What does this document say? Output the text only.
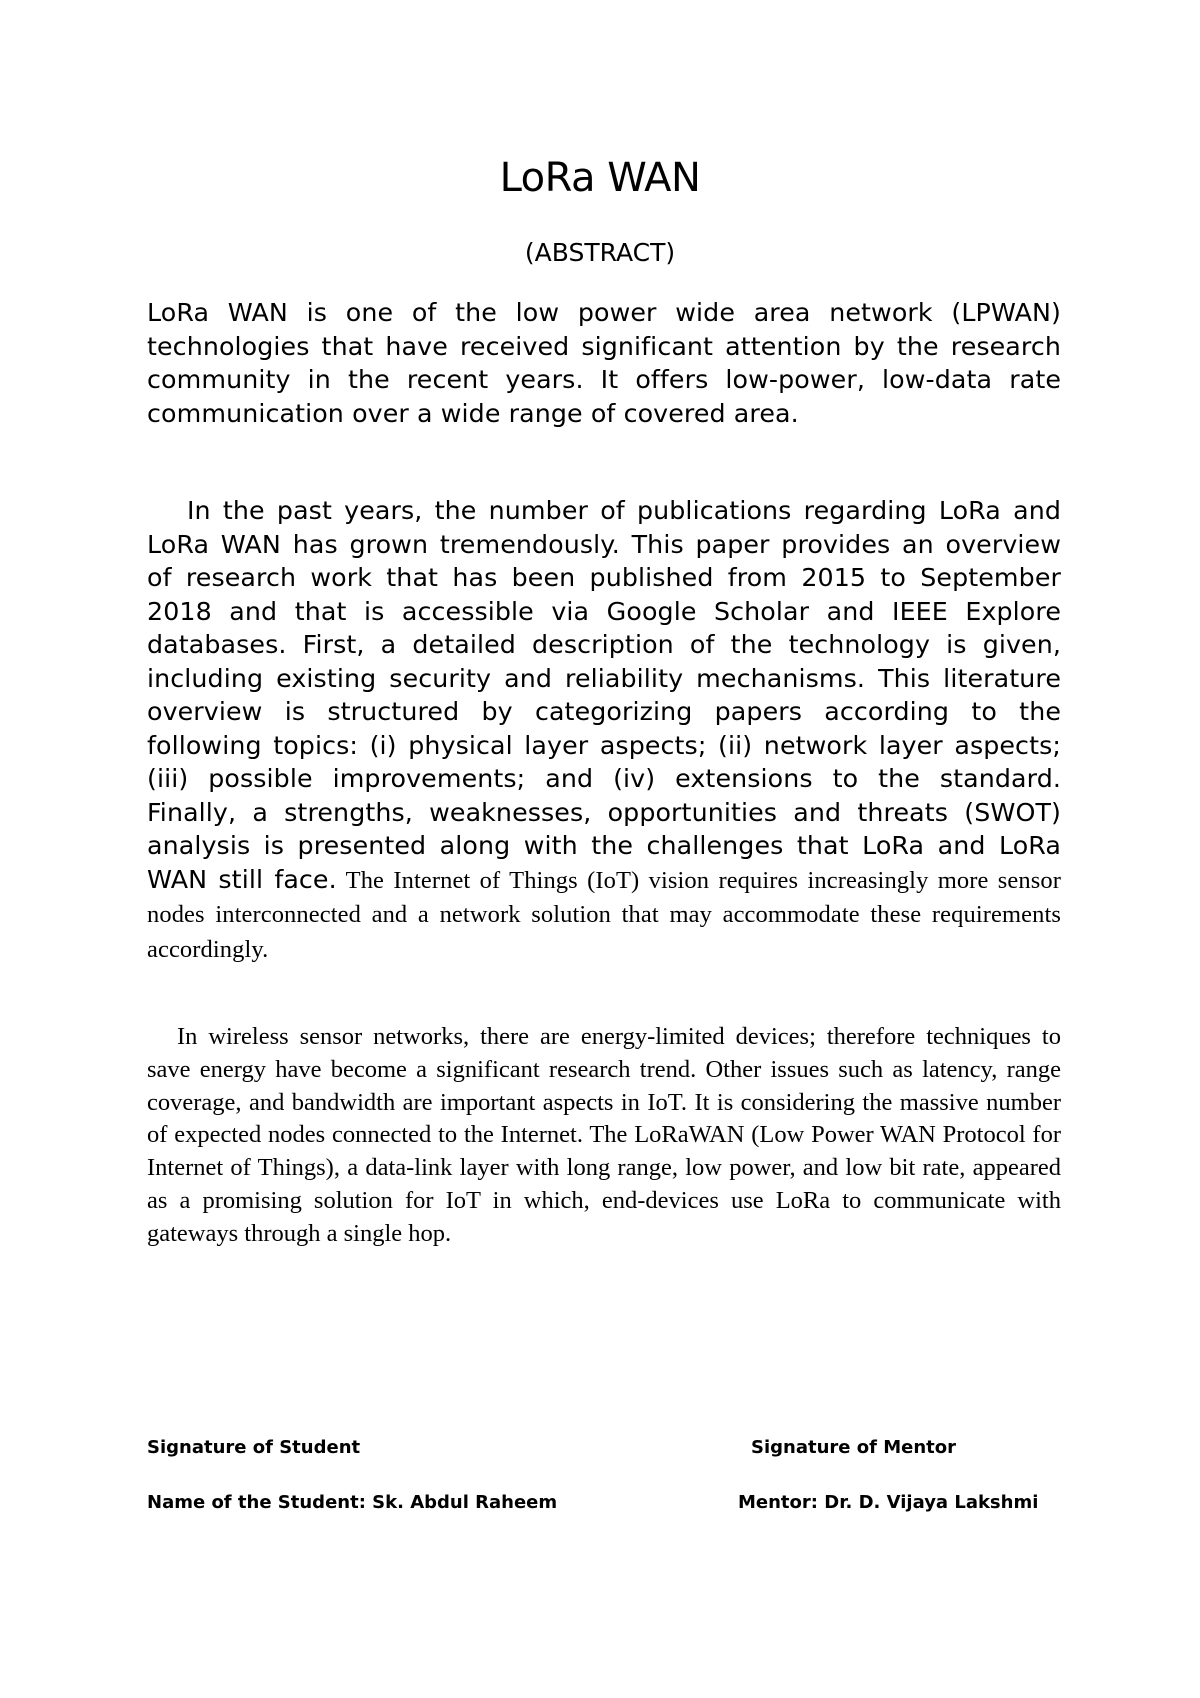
LoRa WAN
(ABSTRACT)
LoRa WAN is one of the low power wide area network (LPWAN) technologies that have received significant attention by the research community in the recent years. It offers low-power, low-data rate communication over a wide range of covered area.
In the past years, the number of publications regarding LoRa and LoRa WAN has grown tremendously. This paper provides an overview of research work that has been published from 2015 to September 2018 and that is accessible via Google Scholar and IEEE Explore databases. First, a detailed description of the technology is given, including existing security and reliability mechanisms. This literature overview is structured by categorizing papers according to the following topics: (i) physical layer aspects; (ii) network layer aspects; (iii) possible improvements; and (iv) extensions to the standard. Finally, a strengths, weaknesses, opportunities and threats (SWOT) analysis is presented along with the challenges that LoRa and LoRa WAN still face. The Internet of Things (IoT) vision requires increasingly more sensor nodes interconnected and a network solution that may accommodate these requirements accordingly.
In wireless sensor networks, there are energy-limited devices; therefore techniques to save energy have become a significant research trend. Other issues such as latency, range coverage, and bandwidth are important aspects in IoT. It is considering the massive number of expected nodes connected to the Internet. The LoRaWAN (Low Power WAN Protocol for Internet of Things), a data-link layer with long range, low power, and low bit rate, appeared as a promising solution for IoT in which, end-devices use LoRa to communicate with gateways through a single hop.
Signature of Student	Signature of Mentor
Name of the Student: Sk. Abdul Raheem	Mentor: Dr. D. Vijaya Lakshmi
